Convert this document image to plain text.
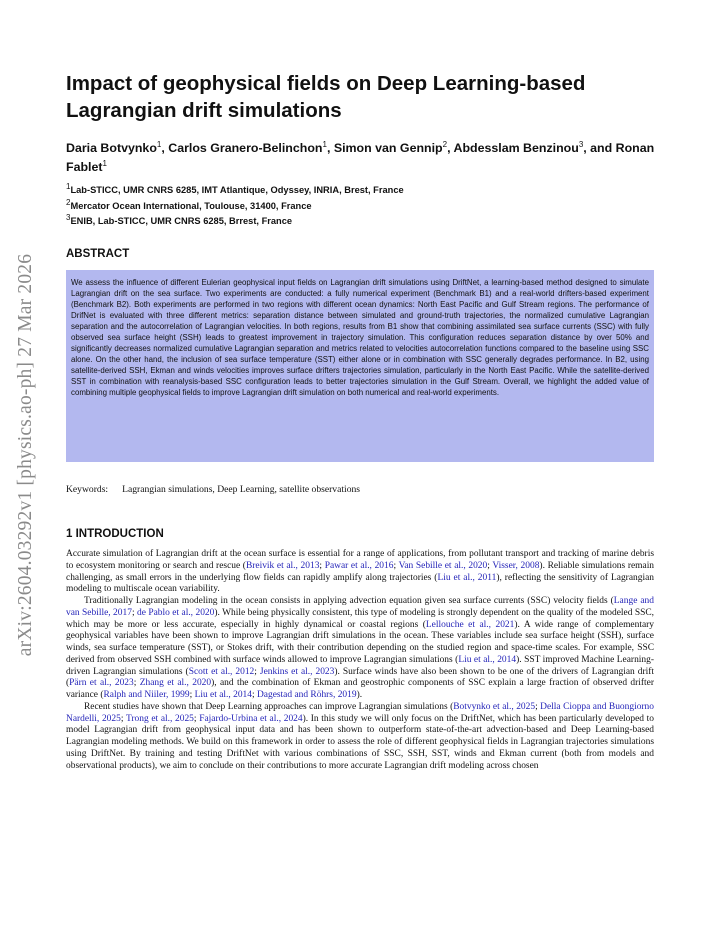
arXiv:2604.03292v1 [physics.ao-ph] 27 Mar 2026
Impact of geophysical fields on Deep Learning-based Lagrangian drift simulations
Daria Botvynko$^1$, Carlos Granero-Belinchon$^1$, Simon van Gennip$^2$, Abdesslam Benzinou$^3$, and Ronan Fablet$^1$
$^1$Lab-STICC, UMR CNRS 6285, IMT Atlantique, Odyssey, INRIA, Brest, France
$^2$Mercator Ocean International, Toulouse, 31400, France
$^3$ENIB, Lab-STICC, UMR CNRS 6285, Brrest, France
ABSTRACT

We assess the influence of different Eulerian geophysical input fields on Lagrangian drift simulations using DriftNet, a learning-based method designed to simulate Lagrangian drift on the sea surface. Two experiments are conducted: a fully numerical experiment (Benchmark B1) and a real-world drifters-based experiment (Benchmark B2). Both experiments are performed in two regions with different ocean dynamics: North East Pacific and Gulf Stream regions. The performance of DrifNet is evaluated with three different metrics: separation distance between simulated and ground-truth trajectories, the normalized cumulative Lagrangian separation and the autocorrelation of Lagrangian velocities. In both regions, results from B1 show that combining assimilated sea surface currents (SSC) with fully observed sea surface height (SSH) leads to greatest improvement in trajectory simulation. This configuration reduces separation distance by over 50% and significantly decreases normalized cumulative Lagrangian separation and metrics related to velocities autocorrelation functions compared to the baseline using SSC alone. On the other hand, the inclusion of sea surface temperature (SST) either alone or in combination with SSC generally degrades performance. In B2, using satellite-derived SSH, Ekman and winds velocities improves surface drifters trajectories simulation, particularly in the North East Pacific. While the satellite-derived SST in combination with reanalysis-based SSC configuration leads to better trajectories simulation in the Gulf Stream. Overall, we highlight the added value of combining multiple geophysical fields to improve Lagrangian drift simulation on both numerical and real-world experiments.

Keywords: Lagrangian simulations, Deep Learning, satellite observations
1 INTRODUCTION

Accurate simulation of Lagrangian drift at the ocean surface is essential for a range of applications, from pollutant transport and tracking of marine debris to ecosystem monitoring or search and rescue (Breivik et al., 2013; Pawar et al., 2016; Van Sebille et al., 2020; Visser, 2008). Reliable simulations remain challenging, as small errors in the underlying flow fields can rapidly amplify along trajectories (Liu et al., 2011), reflecting the sensitivity of Lagrangian modeling to multiscale ocean variability.

Traditionally Lagrangian modeling in the ocean consists in applying advection equation given sea surface currents (SSC) velocity fields (Lange and van Sebille, 2017; de Pablo et al., 2020). While being physically consistent, this type of modeling is strongly dependent on the quality of the modeled SSC, which may be more or less accurate, especially in highly dynamical or coastal regions (Lellouche et al., 2021). A wide range of complementary geophysical variables have been shown to improve Lagrangian drift simulations in the ocean. These variables include sea surface height (SSH), surface winds, sea surface temperature (SST), or Stokes drift, with their contribution depending on the studied region and space-time scales. For example, SSC derived from observed SSH combined with surface winds allowed to improve Lagrangian simulations (Liu et al., 2014). SST improved Machine Learning-driven Lagrangian simulations (Scott et al., 2012; Jenkins et al., 2023). Surface winds have also been shown to be one of the drivers of Lagrangian drift (Pärn et al., 2023; Zhang et al., 2020), and the combination of Ekman and geostrophic components of SSC explain a large fraction of observed drifter variance (Ralph and Niiler, 1999; Liu et al., 2014; Dagestad and Röhrs, 2019).

Recent studies have shown that Deep Learning approaches can improve Lagrangian simulations (Botvynko et al., 2025; Della Cioppa and Buongiorno Nardelli, 2025; Trong et al., 2025; Fajardo-Urbina et al., 2024). In this study we will only focus on the DriftNet, which has been particularly developed to model Lagrangian drift from geophysical input data and has been shown to outperform state-of-the-art advection-based and Deep Learning-based Lagrangian modeling methods. We build on this framework in order to assess the role of different geophysical fields in Lagrangian trajectories simulations using DriftNet. By training and testing DriftNet with various combinations of SSC, SSH, SST, winds and Ekman current (both from models and observational products), we aim to conclude on their contributions to more accurate Lagrangian drift modeling across chosen
